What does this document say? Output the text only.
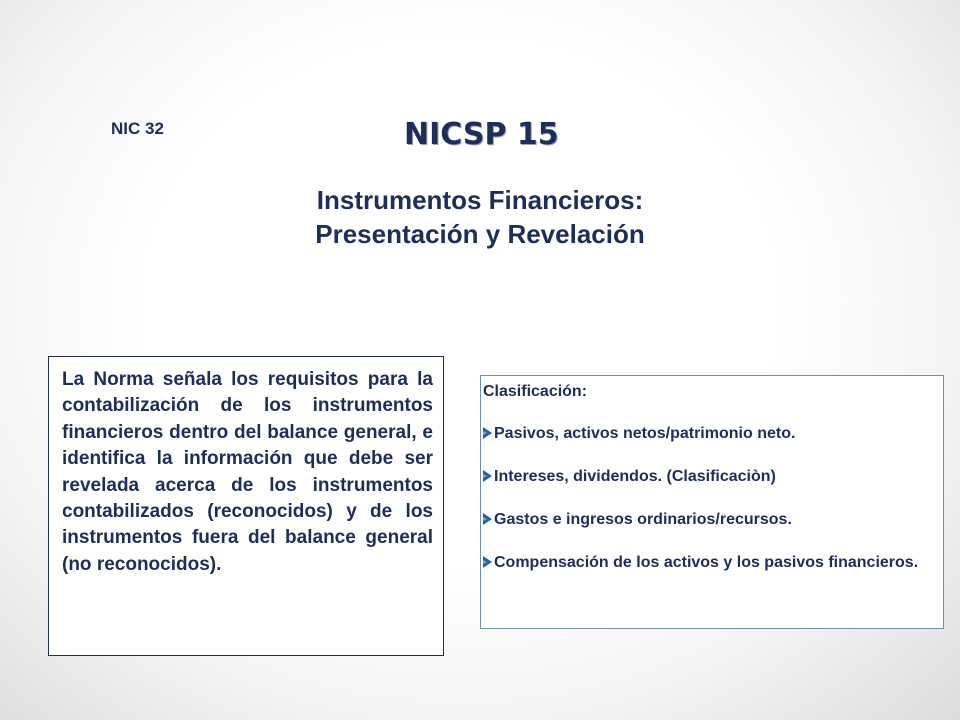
NIC 32	NICSP 15
Instrumentos Financieros:
Presentación y Revelación

La Norma señala los requisitos para la contabilización de los instrumentos financieros dentro del balance general, e identifica la información que debe ser revelada acerca de los instrumentos contabilizados (reconocidos) y de los instrumentos fuera del balance general (no reconocidos).

Clasificación:
Pasivos, activos netos/patrimonio neto.
Intereses, dividendos. (Clasificaciòn)
Gastos e ingresos ordinarios/recursos.
Compensación de los activos y los pasivos financieros.
